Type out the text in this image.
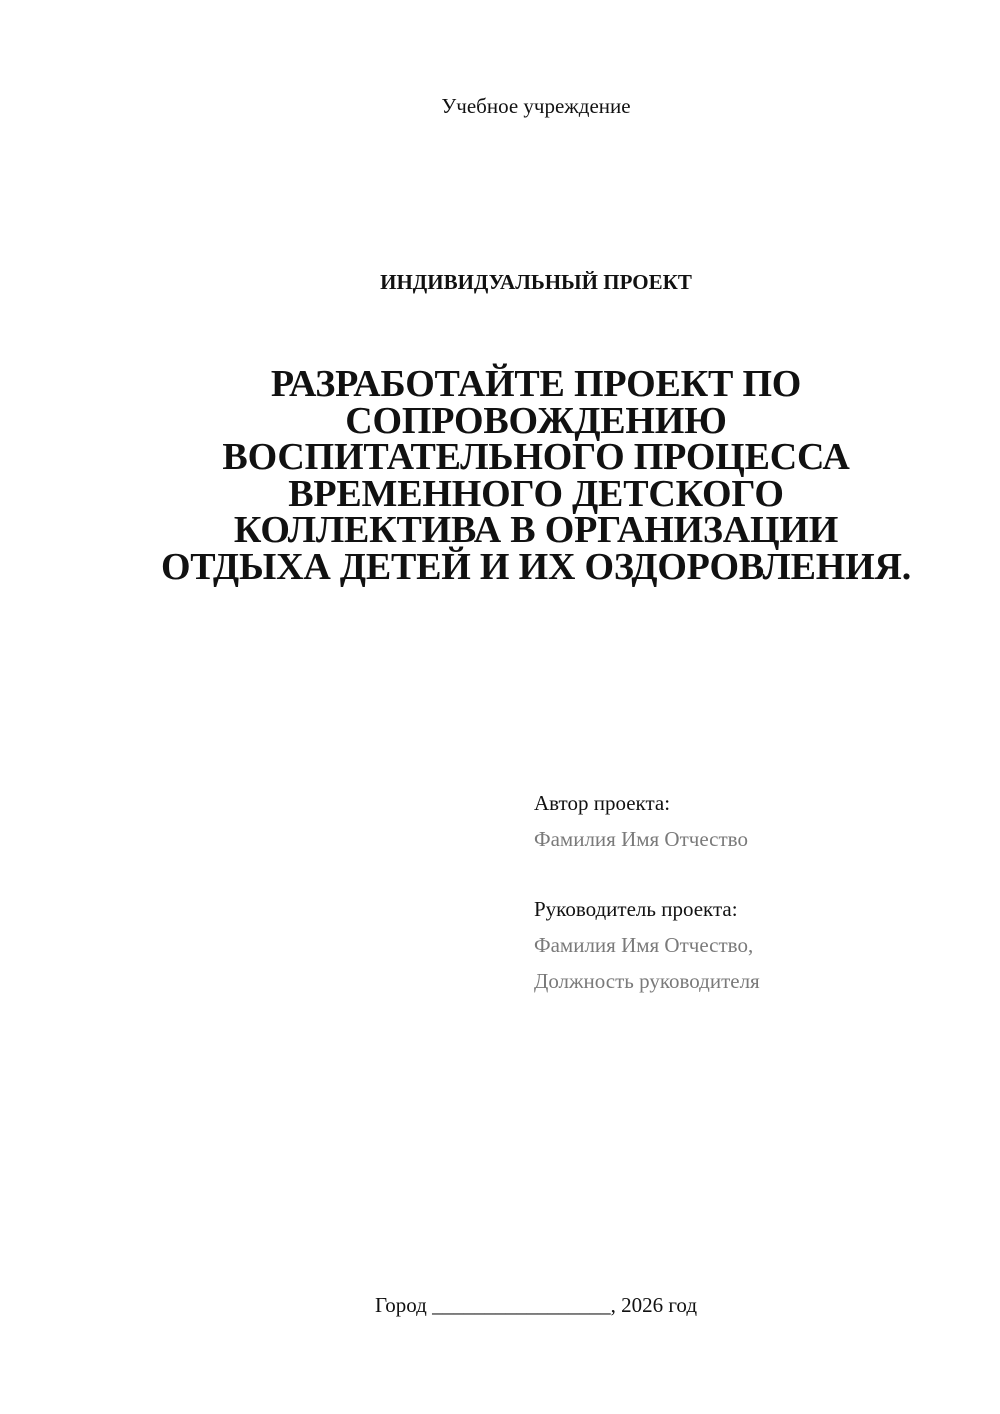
Учебное учреждение
ИНДИВИДУАЛЬНЫЙ ПРОЕКТ
РАЗРАБОТАЙТЕ ПРОЕКТ ПО
СОПРОВОЖДЕНИЮ
ВОСПИТАТЕЛЬНОГО ПРОЦЕССА
ВРЕМЕННОГО ДЕТСКОГО
КОЛЛЕКТИВА В ОРГАНИЗАЦИИ
ОТДЫХА ДЕТЕЙ И ИХ ОЗДОРОВЛЕНИЯ.
Автор проекта:
Фамилия Имя Отчество
Руководитель проекта:
Фамилия Имя Отчество,
Должность руководителя
Город _________________, 2026 год
